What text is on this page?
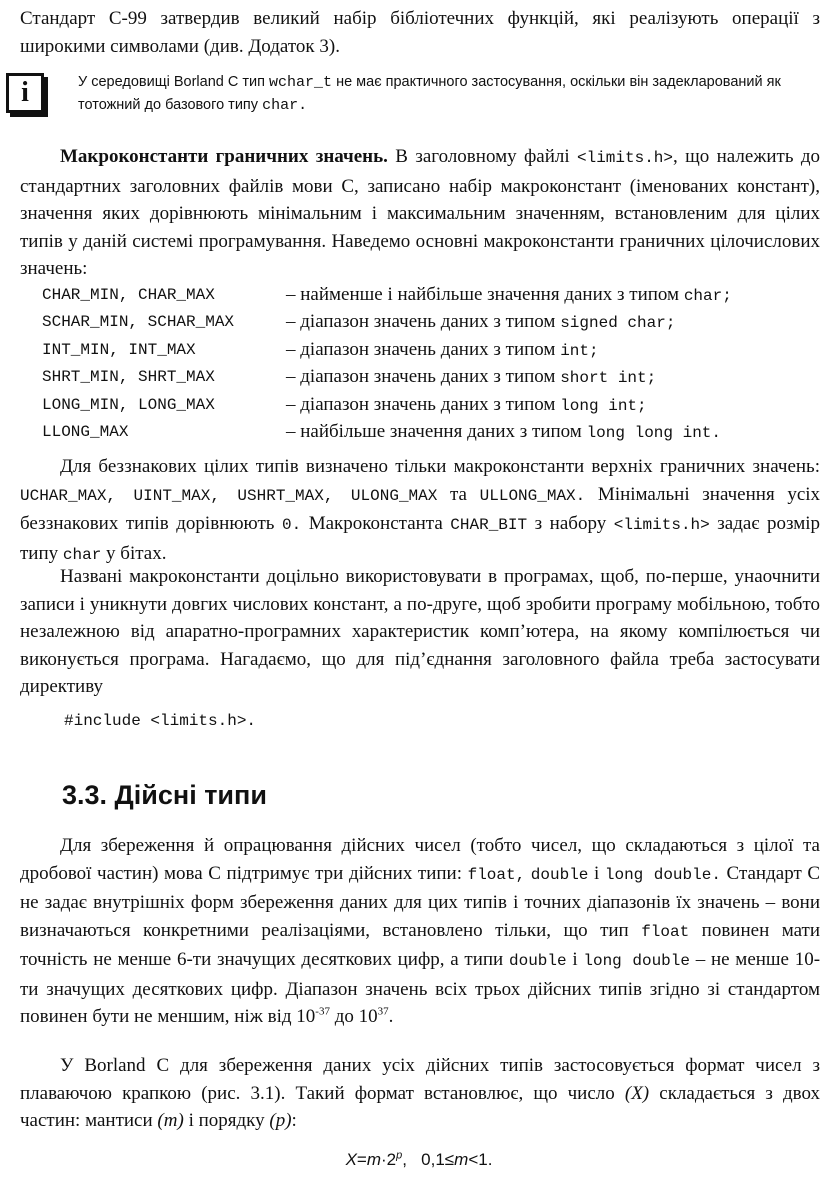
Стандарт C-99 затвердив великий набір бібліотечних функцій, які реалізують операції з широкими символами (див. Додаток 3).
i	У середовищі Borland C тип wchar_t не має практичного застосування, оскільки він задекларований як тотожний до базового типу char.
Макроконстанти граничних значень. В заголовному файлі <limits.h>, що належить до стандартних заголовних файлів мови C, записано набір макроконстант (іменованих констант), значення яких дорівнюють мінімальним і максимальним значенням, встановленим для цілих типів у даній системі програмування. Наведемо основні макроконстанти граничних цілочислових значень:
CHAR_MIN, CHAR_MAX	– найменше і найбільше значення даних з типом char;
SCHAR_MIN, SCHAR_MAX	– діапазон значень даних з типом signed char;
INT_MIN, INT_MAX	– діапазон значень даних з типом int;
SHRT_MIN, SHRT_MAX	– діапазон значень даних з типом short int;
LONG_MIN, LONG_MAX	– діапазон значень даних з типом long int;
LLONG_MAX	– найбільше значення даних з типом long long int.
Для беззнакових цілих типів визначено тільки макроконстанти верхніх граничних значень: UCHAR_MAX, UINT_MAX, USHRT_MAX, ULONG_MAX та ULLONG_MAX. Мінімальні значення усіх беззнакових типів дорівнюють 0. Макроконстанта CHAR_BIT з набору <limits.h> задає розмір типу char у бітах.
Названі макроконстанти доцільно використовувати в програмах, щоб, по-перше, унаочнити записи і уникнути довгих числових констант, а по-друге, щоб зробити програму мобільною, тобто незалежною від апаратно-програмних характеристик комп’ютера, на якому компілюється чи виконується програма. Нагадаємо, що для під’єднання заголовного файла треба застосувати директиву
#include <limits.h>.
3.3. Дійсні типи
Для збереження й опрацювання дійсних чисел (тобто чисел, що складаються з цілої та дробової частин) мова C підтримує три дійсних типи: float, double і long double. Стандарт C не задає внутрішніх форм збереження даних для цих типів і точних діапазонів їх значень – вони визначаються конкретними реалізаціями, встановлено тільки, що тип float повинен мати точність не менше 6-ти значущих десяткових цифр, а типи double і long double – не менше 10-ти значущих десяткових цифр. Діапазон значень всіх трьох дійсних типів згідно зі стандартом повинен бути не меншим, ніж від $10^{-37}$ до $10^{37}$.
У Borland C для збереження даних усіх дійсних типів застосовується формат чисел з плаваючою крапкою (рис. 3.1). Такий формат встановлює, що число (X) складається з двох частин: мантиси (m) і порядку (p):
$X=m\cdot 2^p$, 0,1≤m<1.
